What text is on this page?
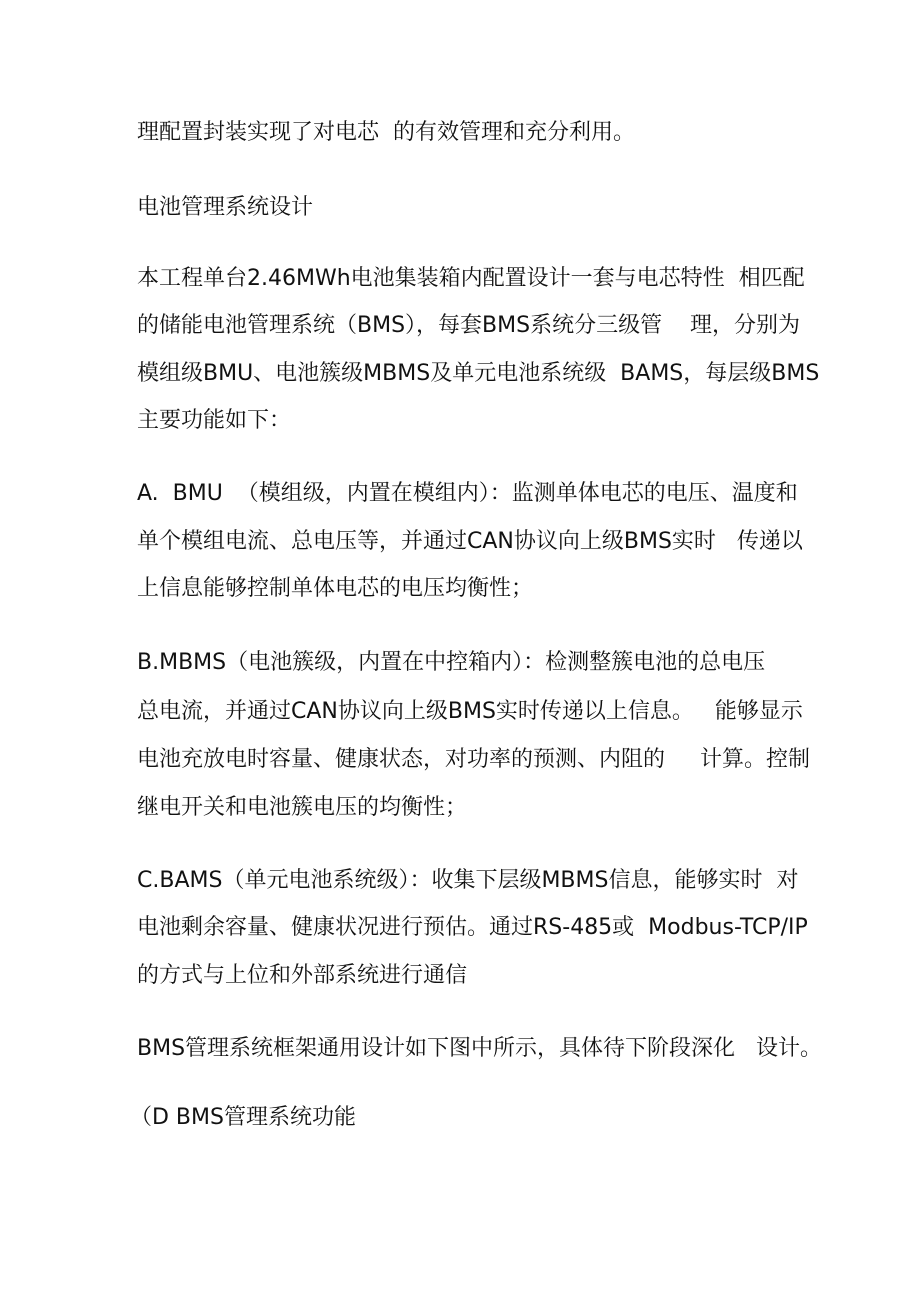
理配置封装实现了对电芯  的有效管理和充分利用。
电池管理系统设计
本工程单台2.46MWh电池集装箱内配置设计一套与电芯特性  相匹配
的储能电池管理系统（BMS），每套BMS系统分三级管    理，分别为
模组级BMU、电池簇级MBMS及单元电池系统级  BAMS，每层级BMS
主要功能如下：
A.  BMU  （模组级，内置在模组内）：监测单体电芯的电压、温度和
单个模组电流、总电压等，并通过CAN协议向上级BMS实时   传递以
上信息能够控制单体电芯的电压均衡性；
B.MBMS（电池簇级，内置在中控箱内）：检测整簇电池的总电压
总电流，并通过CAN协议向上级BMS实时传递以上信息。   能够显示
电池充放电时容量、健康状态，对功率的预测、内阻的     计算。控制
继电开关和电池簇电压的均衡性；
C.BAMS（单元电池系统级）：收集下层级MBMS信息，能够实时  对
电池剩余容量、健康状况进行预估。通过RS-485或  Modbus-TCP/IP
的方式与上位和外部系统进行通信
BMS管理系统框架通用设计如下图中所示，具体待下阶段深化   设计。
（D BMS管理系统功能
